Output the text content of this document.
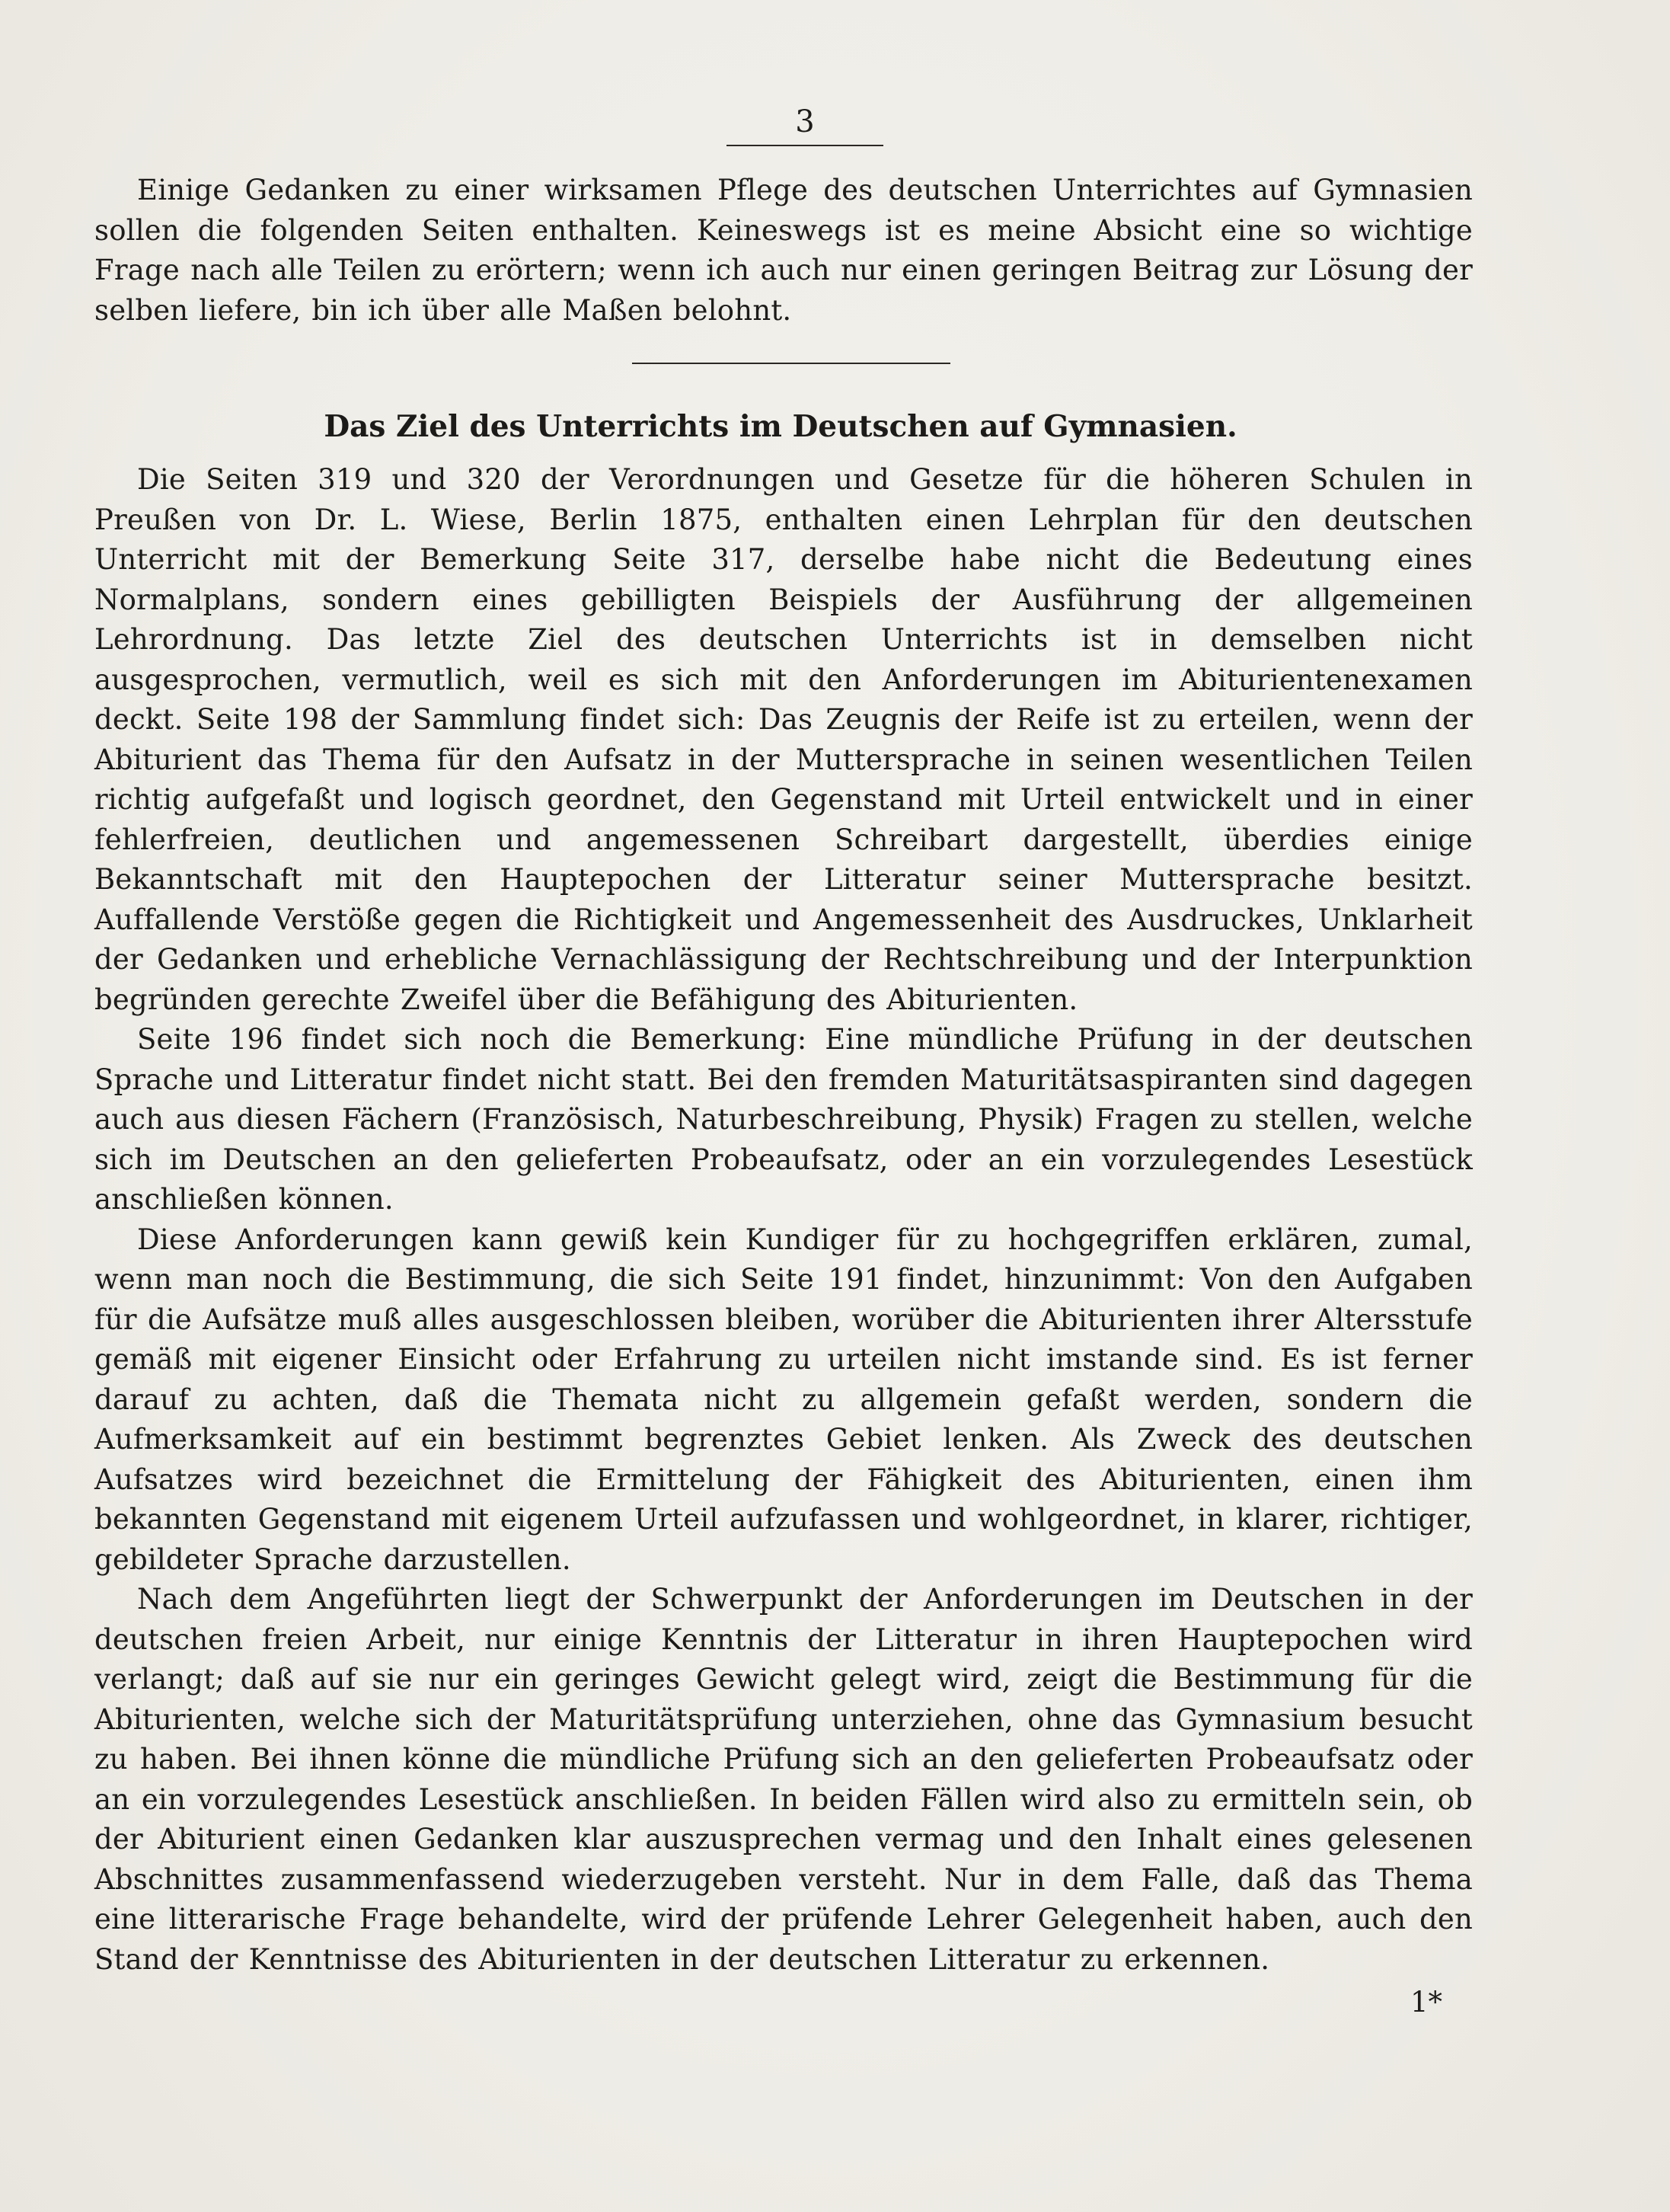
3

Einige Gedanken zu einer wirksamen Pflege des deutschen Unterrichtes auf Gymnasien sollen die folgenden Seiten enthalten. Keineswegs ist es meine Absicht eine so wichtige Frage nach alle Teilen zu erörtern; wenn ich auch nur einen geringen Beitrag zur Lösung der selben liefere, bin ich über alle Maßen belohnt.

Das Ziel des Unterrichts im Deutschen auf Gymnasien.

Die Seiten 319 und 320 der Verordnungen und Gesetze für die höheren Schulen in Preußen von Dr. L. Wiese, Berlin 1875, enthalten einen Lehrplan für den deutschen Unterricht mit der Bemerkung Seite 317, derselbe habe nicht die Bedeutung eines Normalplans, sondern eines gebilligten Beispiels der Ausführung der allgemeinen Lehrordnung. Das letzte Ziel des deutschen Unterrichts ist in demselben nicht ausgesprochen, vermutlich, weil es sich mit den Anforderungen im Abiturientenexamen deckt. Seite 198 der Sammlung findet sich: Das Zeugnis der Reife ist zu erteilen, wenn der Abiturient das Thema für den Aufsatz in der Muttersprache in seinen wesentlichen Teilen richtig aufgefaßt und logisch geordnet, den Gegenstand mit Urteil entwickelt und in einer fehlerfreien, deutlichen und angemessenen Schreibart dargestellt, überdies einige Bekanntschaft mit den Hauptepochen der Litteratur seiner Muttersprache besitzt. Auffallende Verstöße gegen die Richtigkeit und Angemessenheit des Ausdruckes, Unklarheit der Gedanken und erhebliche Vernachlässigung der Rechtschreibung und der Interpunktion begründen gerechte Zweifel über die Befähigung des Abiturienten.

Seite 196 findet sich noch die Bemerkung: Eine mündliche Prüfung in der deutschen Sprache und Litteratur findet nicht statt. Bei den fremden Maturitätsaspiranten sind dagegen auch aus diesen Fächern (Französisch, Naturbeschreibung, Physik) Fragen zu stellen, welche sich im Deutschen an den gelieferten Probeaufsatz, oder an ein vorzulegendes Lesestück anschließen können.

Diese Anforderungen kann gewiß kein Kundiger für zu hochgegriffen erklären, zumal, wenn man noch die Bestimmung, die sich Seite 191 findet, hinzunimmt: Von den Aufgaben für die Aufsätze muß alles ausgeschlossen bleiben, worüber die Abiturienten ihrer Altersstufe gemäß mit eigener Einsicht oder Erfahrung zu urteilen nicht imstande sind. Es ist ferner darauf zu achten, daß die Themata nicht zu allgemein gefaßt werden, sondern die Aufmerksamkeit auf ein bestimmt begrenztes Gebiet lenken. Als Zweck des deutschen Aufsatzes wird bezeichnet die Ermittelung der Fähigkeit des Abiturienten, einen ihm bekannten Gegenstand mit eigenem Urteil aufzufassen und wohlgeordnet, in klarer, richtiger, gebildeter Sprache darzustellen.

Nach dem Angeführten liegt der Schwerpunkt der Anforderungen im Deutschen in der deutschen freien Arbeit, nur einige Kenntnis der Litteratur in ihren Hauptepochen wird verlangt; daß auf sie nur ein geringes Gewicht gelegt wird, zeigt die Bestimmung für die Abiturienten, welche sich der Maturitätsprüfung unterziehen, ohne das Gymnasium besucht zu haben. Bei ihnen könne die mündliche Prüfung sich an den gelieferten Probeaufsatz oder an ein vorzulegendes Lesestück anschließen. In beiden Fällen wird also zu ermitteln sein, ob der Abiturient einen Gedanken klar auszusprechen vermag und den Inhalt eines gelesenen Abschnittes zusammenfassend wiederzugeben versteht. Nur in dem Falle, daß das Thema eine litterarische Frage behandelte, wird der prüfende Lehrer Gelegenheit haben, auch den Stand der Kenntnisse des Abiturienten in der deutschen Litteratur zu erkennen.

1*
